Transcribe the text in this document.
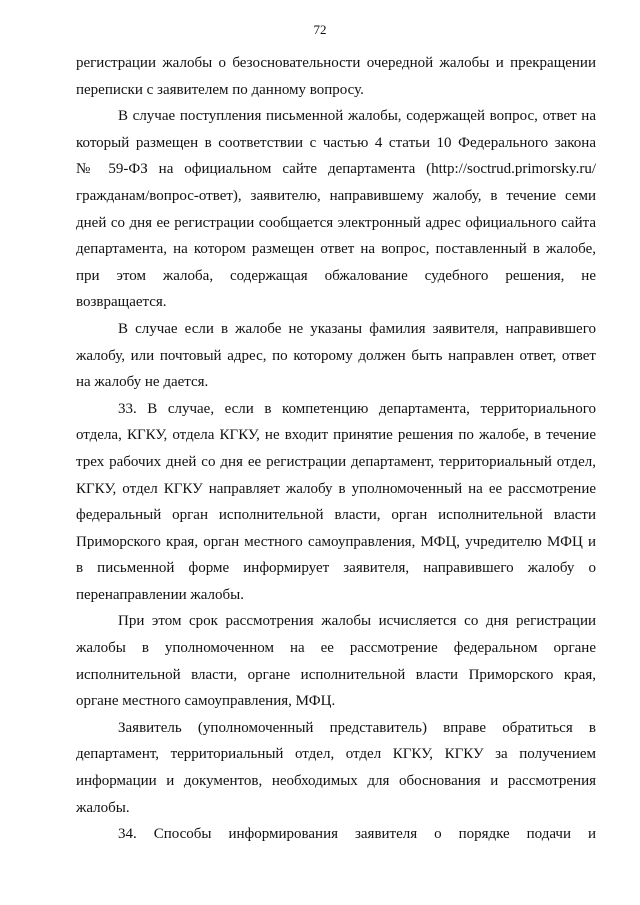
72

регистрации жалобы о безосновательности очередной жалобы и прекращении
переписки с заявителем по данному вопросу.

В случае поступления письменной жалобы, содержащей вопрос, ответ на
который размещен в соответствии с частью 4 статьи 10 Федерального закона
№ 59-ФЗ на официальном сайте департамента (http://soctrud.primorsky.ru/
гражданам/вопрос-ответ), заявителю, направившему жалобу, в течение семи
дней со дня ее регистрации сообщается электронный адрес официального сайта
департамента, на котором размещен ответ на вопрос, поставленный в жалобе,
при этом жалоба, содержащая обжалование судебного решения, не
возвращается.

В случае если в жалобе не указаны фамилия заявителя, направившего
жалобу, или почтовый адрес, по которому должен быть направлен ответ, ответ
на жалобу не дается.

33. В случае, если в компетенцию департамента, территориального
отдела, КГКУ, отдела КГКУ, не входит принятие решения по жалобе, в течение
трех рабочих дней со дня ее регистрации департамент, территориальный отдел,
КГКУ, отдел КГКУ направляет жалобу в уполномоченный на ее рассмотрение
федеральный орган исполнительной власти, орган исполнительной власти
Приморского края, орган местного самоуправления, МФЦ, учредителю МФЦ и
в письменной форме информирует заявителя, направившего жалобу о
перенаправлении жалобы.

При этом срок рассмотрения жалобы исчисляется со дня регистрации
жалобы в уполномоченном на ее рассмотрение федеральном органе
исполнительной власти, органе исполнительной власти Приморского края,
органе местного самоуправления, МФЦ.

Заявитель (уполномоченный представитель) вправе обратиться в
департамент, территориальный отдел, отдел КГКУ, КГКУ за получением
информации и документов, необходимых для обоснования и рассмотрения
жалобы.

34. Способы информирования заявителя о порядке подачи и
